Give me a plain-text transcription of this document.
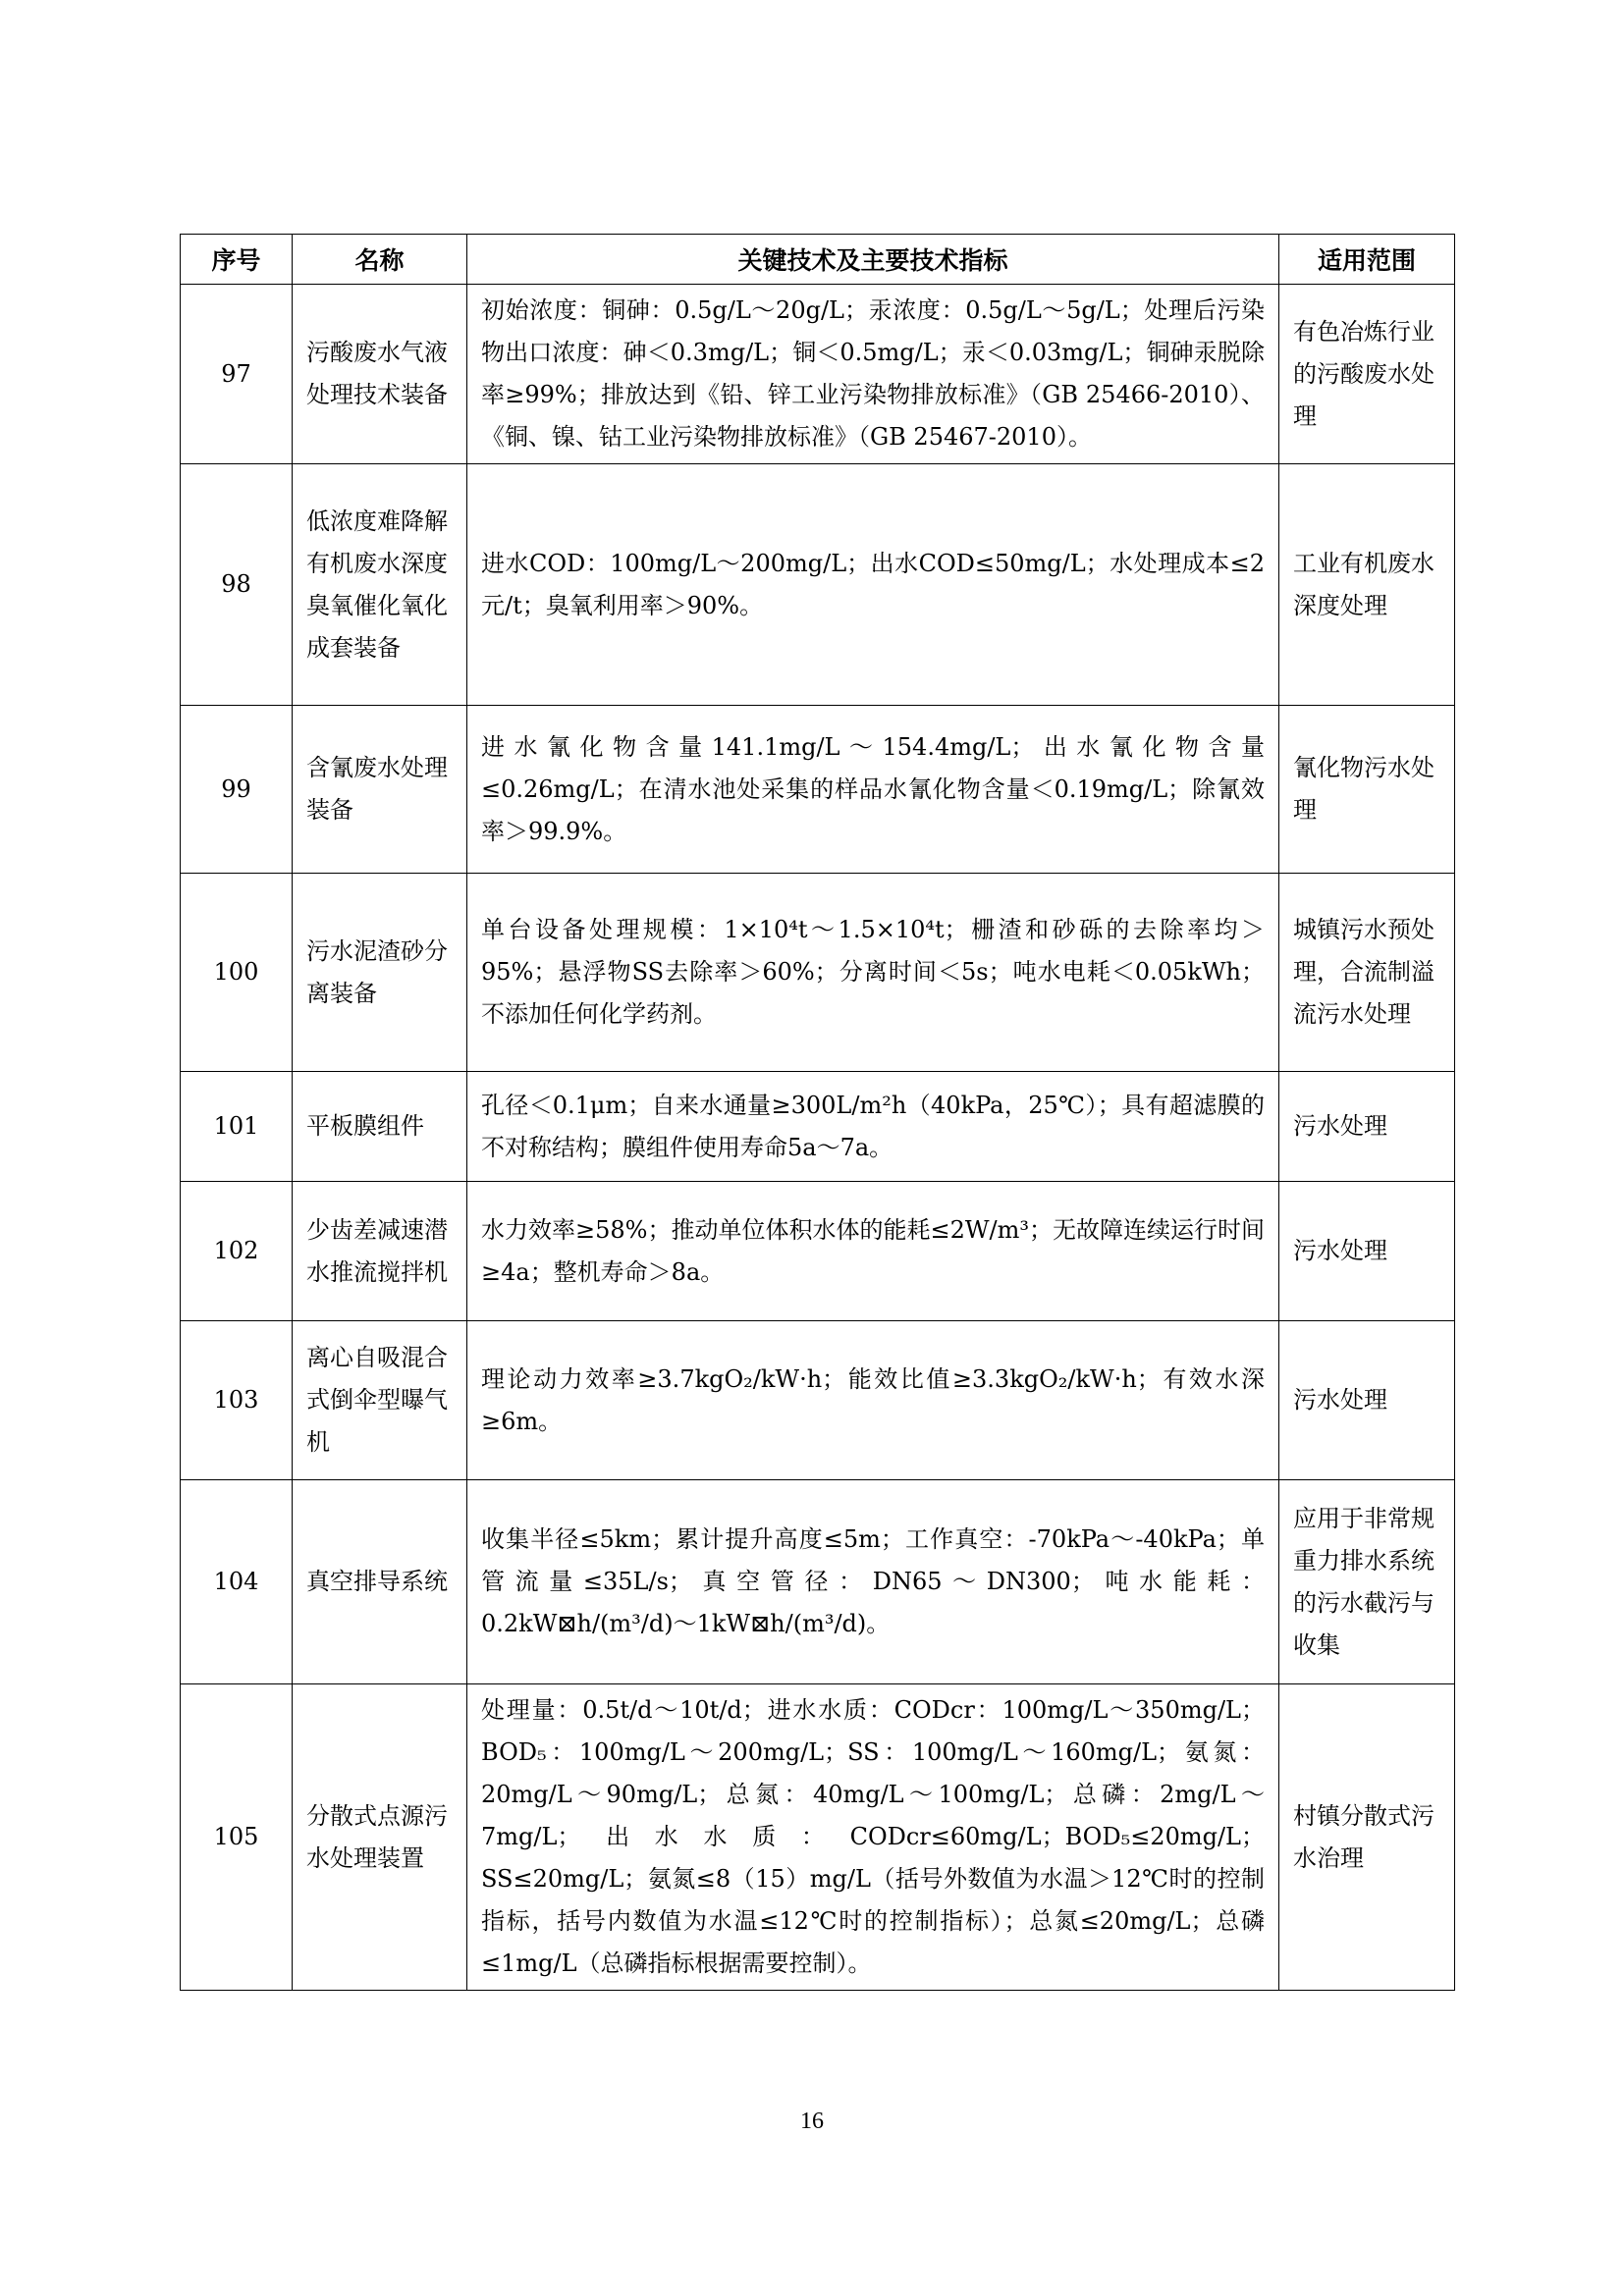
序号	名称	关键技术及主要技术指标	适用范围
97	污酸废水气液处理技术装备	初始浓度：铜砷：0.5g/L～20g/L；汞浓度：0.5g/L～5g/L；处理后污染物出口浓度：砷＜0.3mg/L；铜＜0.5mg/L；汞＜0.03mg/L；铜砷汞脱除率≥99%；排放达到《铅、锌工业污染物排放标准》（GB 25466-2010）、《铜、镍、钴工业污染物排放标准》（GB 25467-2010）。	有色冶炼行业的污酸废水处理
98	低浓度难降解有机废水深度臭氧催化氧化成套装备	进水COD：100mg/L～200mg/L；出水COD≤50mg/L；水处理成本≤2元/t；臭氧利用率＞90%。	工业有机废水深度处理
99	含氰废水处理装备	进水氰化物含量141.1mg/L～154.4mg/L；出水氰化物含量≤0.26mg/L；在清水池处采集的样品水氰化物含量＜0.19mg/L；除氰效率＞99.9%。	氰化物污水处理
100	污水泥渣砂分离装备	单台设备处理规模：1×10⁴t～1.5×10⁴t；栅渣和砂砾的去除率均＞95%；悬浮物SS去除率＞60%；分离时间＜5s；吨水电耗＜0.05kWh；不添加任何化学药剂。	城镇污水预处理，合流制溢流污水处理
101	平板膜组件	孔径＜0.1μm；自来水通量≥300L/m²h（40kPa，25℃）；具有超滤膜的不对称结构；膜组件使用寿命5a～7a。	污水处理
102	少齿差减速潜水推流搅拌机	水力效率≥58%；推动单位体积水体的能耗≤2W/m³；无故障连续运行时间≥4a；整机寿命＞8a。	污水处理
103	离心自吸混合式倒伞型曝气机	理论动力效率≥3.7kgO₂/kW·h；能效比值≥3.3kgO₂/kW·h；有效水深≥6m。	污水处理
104	真空排导系统	收集半径≤5km；累计提升高度≤5m；工作真空：-70kPa～-40kPa；单管流量≤35L/s；真空管径：DN65～DN300；吨水能耗：0.2kW⊠h/(m³/d)～1kW⊠h/(m³/d)。	应用于非常规重力排水系统的污水截污与收集
105	分散式点源污水处理装置	处理量：0.5t/d～10t/d；进水水质：CODcr：100mg/L～350mg/L；BOD₅：100mg/L～200mg/L；SS：100mg/L～160mg/L；氨氮：20mg/L～90mg/L；总氮：40mg/L～100mg/L；总磷：2mg/L～7mg/L；出水水质：CODcr≤60mg/L；BOD₅≤20mg/L；SS≤20mg/L；氨氮≤8（15）mg/L（括号外数值为水温＞12℃时的控制指标，括号内数值为水温≤12℃时的控制指标）；总氮≤20mg/L；总磷≤1mg/L（总磷指标根据需要控制）。	村镇分散式污水治理
16
